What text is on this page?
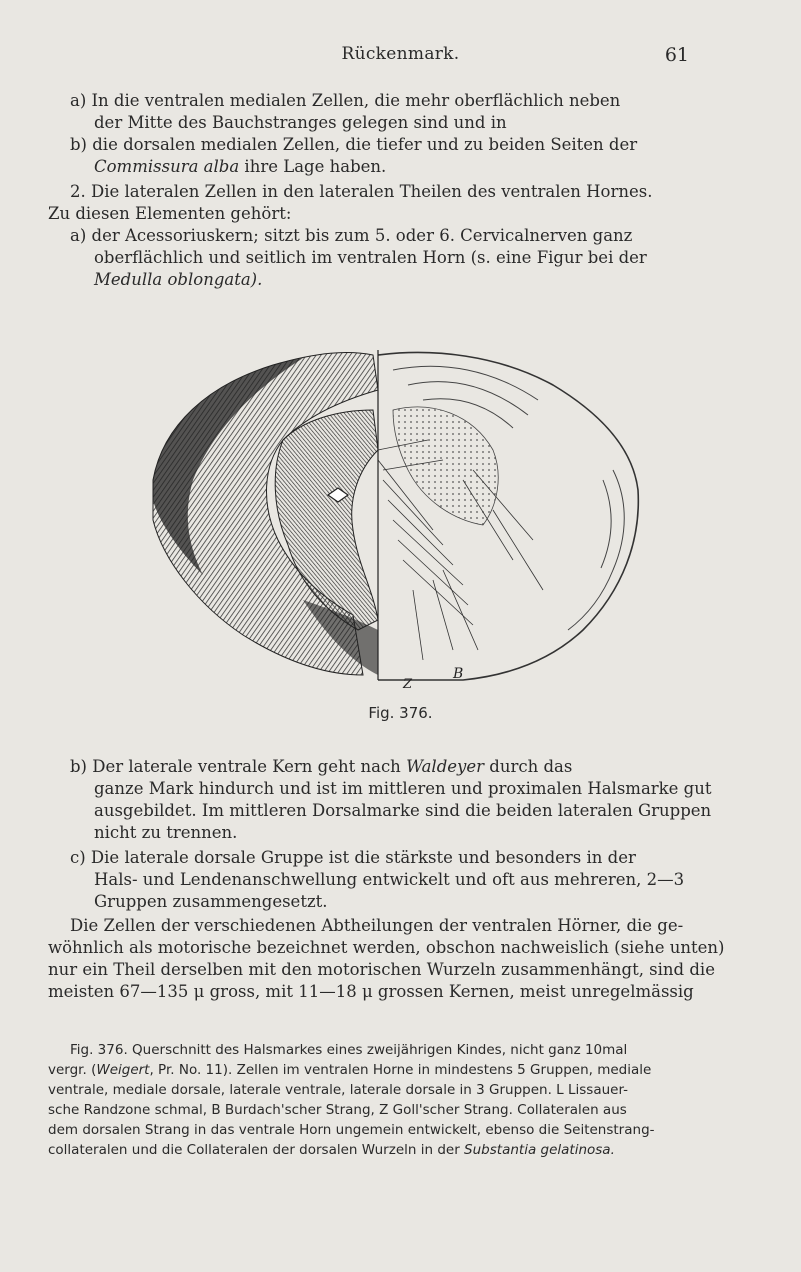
Rückenmark.	61
a) In die ventralen medialen Zellen, die mehr oberflächlich neben
der Mitte des Bauchstranges gelegen sind und in
b) die dorsalen medialen Zellen, die tiefer und zu beiden Seiten der
Commissura alba ihre Lage haben.
2. Die lateralen Zellen in den lateralen Theilen des ventralen Hornes.
Zu diesen Elementen gehört:
a) der Acessoriuskern; sitzt bis zum 5. oder 6. Cervicalnerven ganz
oberflächlich und seitlich im ventralen Horn (s. eine Figur bei der
Medulla oblongata).
Z
B
Fig. 376.
b) Der laterale ventrale Kern geht nach Waldeyer durch das
ganze Mark hindurch und ist im mittleren und proximalen Halsmarke gut
ausgebildet. Im mittleren Dorsalmarke sind die beiden lateralen Gruppen
nicht zu trennen.
c) Die laterale dorsale Gruppe ist die stärkste und besonders in der
Hals- und Lendenanschwellung entwickelt und oft aus mehreren, 2—3
Gruppen zusammengesetzt.
Die Zellen der verschiedenen Abtheilungen der ventralen Hörner, die ge-
wöhnlich als motorische bezeichnet werden, obschon nachweislich (siehe unten)
nur ein Theil derselben mit den motorischen Wurzeln zusammenhängt, sind die
meisten 67—135 μ gross, mit 11—18 μ grossen Kernen, meist unregelmässig
Fig. 376. Querschnitt des Halsmarkes eines zweijährigen Kindes, nicht ganz 10mal
vergr. (Weigert, Pr. No. 11). Zellen im ventralen Horne in mindestens 5 Gruppen, mediale
ventrale, mediale dorsale, laterale ventrale, laterale dorsale in 3 Gruppen. L Lissauer-
sche Randzone schmal, B Burdach'scher Strang, Z Goll'scher Strang. Collateralen aus
dem dorsalen Strang in das ventrale Horn ungemein entwickelt, ebenso die Seitenstrang-
collateralen und die Collateralen der dorsalen Wurzeln in der Substantia gelatinosa.
